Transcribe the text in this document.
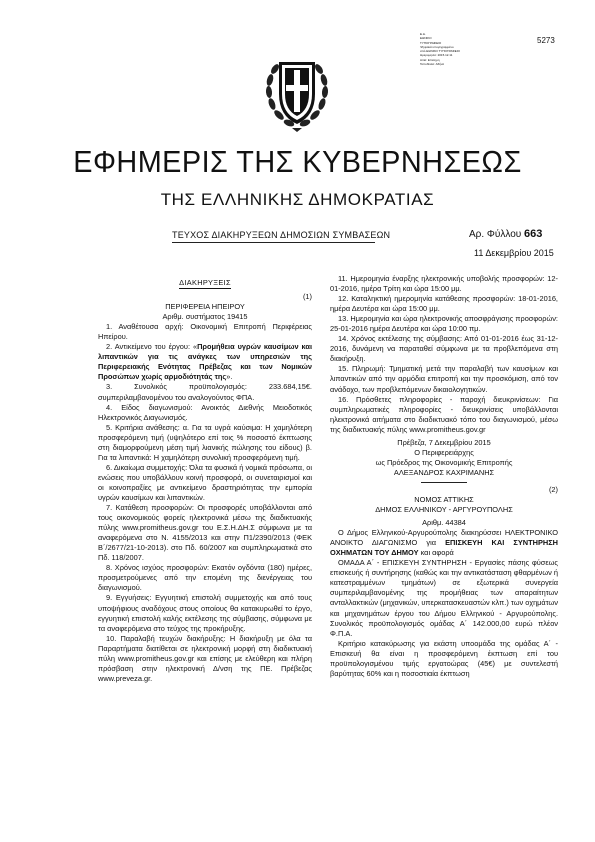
5273
Ε.Δ.
ΕΘΝΙΚΟ
ΤΥΠΟΓΡΑΦΕΙΟ
Ψηφιακά υπογεγραμμένο
από ΕΘΝΙΚΟ ΤΥΠΟΓΡΑΦΕΙΟ
Ημερομηνία: 2015.12.11
Αιτία: Επίσημη
Τοποθεσία: Αθήνα
ΕΦΗΜΕΡΙΣ ΤΗΣ ΚΥΒΕΡΝΗΣΕΩΣ
ΤΗΣ ΕΛΛΗΝΙΚΗΣ ΔΗΜΟΚΡΑΤΙΑΣ
ΤΕΥΧΟΣ ΔΙΑΚΗΡΥΞΕΩΝ ΔΗΜΟΣΙΩΝ ΣΥΜΒΑΣΕΩΝ	Αρ. Φύλλου 663
11 Δεκεμβρίου 2015

ΔΙΑΚΗΡΥΞΕΙΣ

(1)

ΠΕΡΙΦΕΡΕΙΑ ΗΠΕΙΡΟΥ

Αριθμ. συστήματος 19415

1. Αναθέτουσα αρχή: Οικονομική Επιτροπή Περιφέρειας Ηπείρου.

2. Αντικείμενο του έργου: «Προμήθεια υγρών καυσίμων και λιπαντικών για τις ανάγκες των υπηρεσιών της Περιφερειακής Ενότητας Πρέβεζας και των Νομικών Προσώπων χωρίς αρμοδιότητάς της».

3. Συνολικός προϋπολογισμός: 233.684,15€. συμπεριλαμβανομένου του αναλογούντος ΦΠΑ.

4. Είδος διαγωνισμού: Ανοικτός Διεθνής Μειοδοτικός Ηλεκτρονικός Διαγωνισμός.

5. Κριτήρια ανάθεσης: α. Για τα υγρά καύσιμα: Η χαμηλότερη προσφερόμενη τιμή (υψηλότερο επί τοις % ποσοστό έκπτωσης στη διαμορφούμενη μέση τιμή λιανικής πώλησης του είδους) β. Για τα λιπαντικά: Η χαμηλότερη συνολική προσφερόμενη τιμή.

6. Δικαίωμα συμμετοχής: Όλα τα φυσικά ή νομικά πρόσωπα, οι ενώσεις που υποβάλλουν κοινή προσφορά, οι συνεταιρισμοί και οι κοινοπραξίες με αντικείμενο δραστηριότητας την εμπορία υγρών καυσίμων και λιπαντικών.

7. Κατάθεση προσφορών: Οι προσφορές υποβάλλονται από τους οικονομικούς φορείς ηλεκτρονικά μέσω της διαδικτυακής πύλης www.promitheus.gov.gr του Ε.Σ.Η.ΔΗ.Σ σύμφωνα με τα αναφερόμενα στο Ν. 4155/2013 και στην Π1/2390/2013 (ΦΕΚ Β΄/2677/21-10-2013). στο Πδ. 60/2007 και συμπληρωματικά στο Πδ. 118/2007.

8. Χρόνος ισχύος προσφορών: Εκατόν ογδόντα (180) ημέρες, προσμετρούμενες από την επομένη της διενέργειας του διαγωνισμού.

9. Εγγυήσεις: Εγγυητική επιστολή συμμετοχής και από τους υποψήφιους αναδόχους στους οποίους θα κατακυρωθεί το έργο, εγγυητική επιστολή καλής εκτέλεσης της σύμβασης, σύμφωνα με τα αναφερόμενα στο τεύχος της προκήρυξης.

10. Παραλαβή τευχών διακήρυξης: Η διακήρυξη με όλα τα Παραρτήματα διατίθεται σε ηλεκτρονική μορφή στη διαδικτυακή πύλη www.promitheus.gov.gr και επίσης με ελεύθερη και πλήρη πρόσβαση στην ηλεκτρονική Δ/νση της ΠΕ. Πρέβεζας www.preveza.gr.

11. Ημερομηνία έναρξης ηλεκτρονικής υποβολής προσφορών: 12-01-2016, ημέρα Τρίτη και ώρα 15:00 μμ.

12. Καταληκτική ημερομηνία κατάθεσης προσφορών: 18-01-2016, ημέρα Δευτέρα και ώρα 15:00 μμ.

13. Ημερομηνία και ώρα ηλεκτρονικής αποσφράγισης προσφορών: 25-01-2016 ημέρα Δευτέρα και ώρα 10:00 πμ.

14. Χρόνος εκτέλεσης της σύμβασης: Από 01-01-2016 έως 31-12-2016, δυνάμενη να παραταθεί σύμφωνα με τα προβλεπόμενα στη διακήρυξη.

15. Πληρωμή: Τμηματική μετά την παραλαβή των καυσίμων και λιπαντικών από την αρμόδια επιτροπή και την προσκόμιση, από τον ανάδοχο, των προβλεπόμενων δικαιολογητικών.

16. Πρόσθετες πληροφορίες - παροχή διευκρινίσεων: Για συμπληρωματικές πληροφορίες - διευκρινίσεις υποβάλλονται ηλεκτρονικά αιτήματα στο διαδικτυακό τόπο του διαγωνισμού, μέσω της διαδικτυακής πύλης www.promitheus.gov.gr

Πρέβεζα, 7 Δεκεμβρίου 2015

Ο Περιφερειάρχης

ως Πρόεδρος της Οικονομικής Επιτροπής

ΑΛΕΞΑΝΔΡΟΣ ΚΑΧΡΙΜΑΝΗΣ

(2)

ΝΟΜΟΣ ΑΤΤΙΚΗΣ

ΔΗΜΟΣ ΕΛΛΗΝΙΚΟΥ - ΑΡΓΥΡΟΥΠΟΛΗΣ

Αριθμ. 44384

Ο Δήμος Ελληνικού-Αργυρούπολης διακηρύσσει ΗΛΕΚΤΡΟΝΙΚΟ ΑΝΟΙΚΤΟ ΔΙΑΓΩΝΙΣΜΟ για ΕΠΙΣΚΕΥΗ ΚΑΙ ΣΥΝΤΗΡΗΣΗ ΟΧΗΜΑΤΩΝ ΤΟΥ ΔΗΜΟΥ και αφορά

ΟΜΑΔΑ Α΄ - ΕΠΙΣΚΕΥΗ ΣΥΝΤΗΡΗΣΗ - Εργασίες πάσης φύσεως επισκευής ή συντήρησης (καθώς και την αντικατάσταση φθαρμένων ή κατεστραμμένων τμημάτων) σε εξωτερικά συνεργεία συμπεριλαμβανομένης της προμήθειας των απαραίτητων ανταλλακτικών (μηχανικών, υπερκατασκευαστών κλπ.) των οχημάτων και μηχανημάτων έργου του Δήμου Ελληνικού - Αργυρούπολης. Συνολικός προϋπολογισμός ομάδας Α΄ 142.000,00 ευρώ πλέον Φ.Π.Α.

Κριτήριο κατακύρωσης για εκάστη υποομάδα της ομάδας Α΄ - Επισκευή θα είναι η προσφερόμενη έκπτωση επί του προϋπολογισμένου τιμής εργατοώρας (45€) με συντελεστή βαρύτητας 60% και η ποσοστιαία έκπτωση
